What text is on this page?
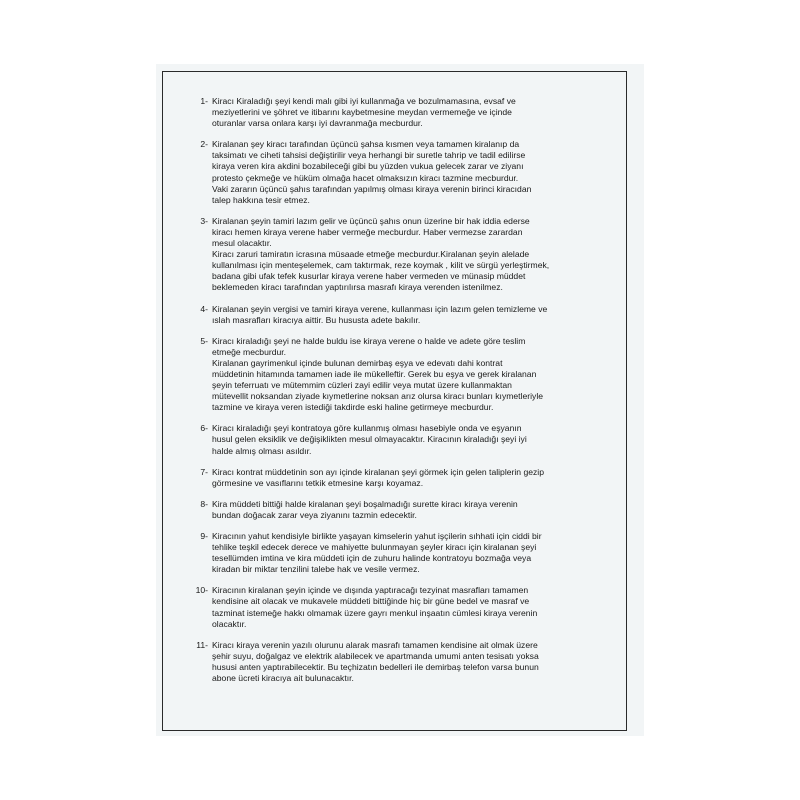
1- Kiracı Kiraladığı şeyi kendi malı gibi iyi kullanmağa ve bozulmamasına, evsaf ve
meziyetlerini ve şöhret ve itibarını kaybetmesine meydan vermemeğe ve içinde
oturanlar varsa onlara karşı iyi davranmağa mecburdur.
2- Kiralanan şey kiracı tarafından üçüncü şahsa kısmen veya tamamen kiralanıp da
taksimatı ve ciheti tahsisi değiştirilir veya herhangi bir suretle tahrip ve tadil edilirse
kiraya veren kira akdini bozabileceği gibi bu yüzden vukua gelecek zarar ve ziyanı
protesto çekmeğe ve hüküm olmağa hacet olmaksızın kiracı tazmine mecburdur.
Vaki zararın üçüncü şahıs tarafından yapılmış olması kiraya verenin birinci kiracıdan
talep hakkına tesir etmez.
3- Kiralanan şeyin tamiri lazım gelir ve üçüncü şahıs onun üzerine bir hak iddia ederse
kiracı hemen kiraya verene haber vermeğe mecburdur. Haber vermezse zarardan
mesul olacaktır.
Kiracı zaruri tamiratın icrasına müsaade etmeğe mecburdur.Kiralanan şeyin alelade
kullanılması için menteşelemek, cam taktırmak, reze koymak , kilit ve sürgü yerleştirmek,
badana gibi ufak tefek kusurlar kiraya verene haber vermeden ve münasip müddet
beklemeden kiracı tarafından yaptırılırsa masrafı kiraya verenden istenilmez.
4- Kiralanan şeyin vergisi ve tamiri kiraya verene, kullanması için lazım gelen temizleme ve
ıslah masrafları kiracıya aittir. Bu hususta adete bakılır.
5- Kiracı kiraladığı şeyi ne halde buldu ise kiraya verene o halde ve adete göre teslim
etmeğe mecburdur.
Kiralanan gayrimenkul içinde bulunan demirbaş eşya ve edevatı dahi kontrat
müddetinin hitamında tamamen iade ile mükelleftir. Gerek bu eşya ve gerek kiralanan
şeyin teferruatı ve mütemmim cüzleri zayi edilir veya mutat üzere kullanmaktan
mütevellit noksandan ziyade kıymetlerine noksan arız olursa kiracı bunları kıymetleriyle
tazmine ve kiraya veren istediği takdirde eski haline getirmeye mecburdur.
6- Kiracı kiraladığı şeyi kontratoya göre kullanmış olması hasebiyle onda ve eşyanın
husul gelen eksiklik ve değişiklikten mesul olmayacaktır. Kiracının kiraladığı şeyi iyi
halde almış olması asıldır.
7- Kiracı kontrat müddetinin son ayı içinde kiralanan şeyi görmek için gelen taliplerin gezip
görmesine ve vasıflarını tetkik etmesine karşı koyamaz.
8- Kira müddeti bittiği halde kiralanan şeyi boşalmadığı surette kiracı kiraya verenin
bundan doğacak zarar veya ziyanını tazmin edecektir.
9- Kiracının yahut kendisiyle birlikte yaşayan kimselerin yahut işçilerin sıhhati için ciddi bir
tehlike teşkil edecek derece ve mahiyette bulunmayan şeyler kiracı için kiralanan şeyi
tesellümden imtina ve kira müddeti için de zuhuru halinde kontratoyu bozmağa veya
kiradan bir miktar tenzilini talebe hak ve vesile vermez.
10- Kiracının kiralanan şeyin içinde ve dışında yaptıracağı tezyinat masrafları tamamen
kendisine ait olacak ve mukavele müddeti bittiğinde hiç bir güne bedel ve masraf ve
tazminat istemeğe hakkı olmamak üzere gayrı menkul inşaatın cümlesi kiraya verenin
olacaktır.
11- Kiracı kiraya verenin yazılı olurunu alarak masrafı tamamen kendisine ait olmak üzere
şehir suyu, doğalgaz ve elektrik alabilecek ve apartmanda umumi anten tesisatı yoksa
hususi anten yaptırabilecektir. Bu teçhizatın bedelleri ile demirbaş telefon varsa bunun
abone ücreti kiracıya ait bulunacaktır.
